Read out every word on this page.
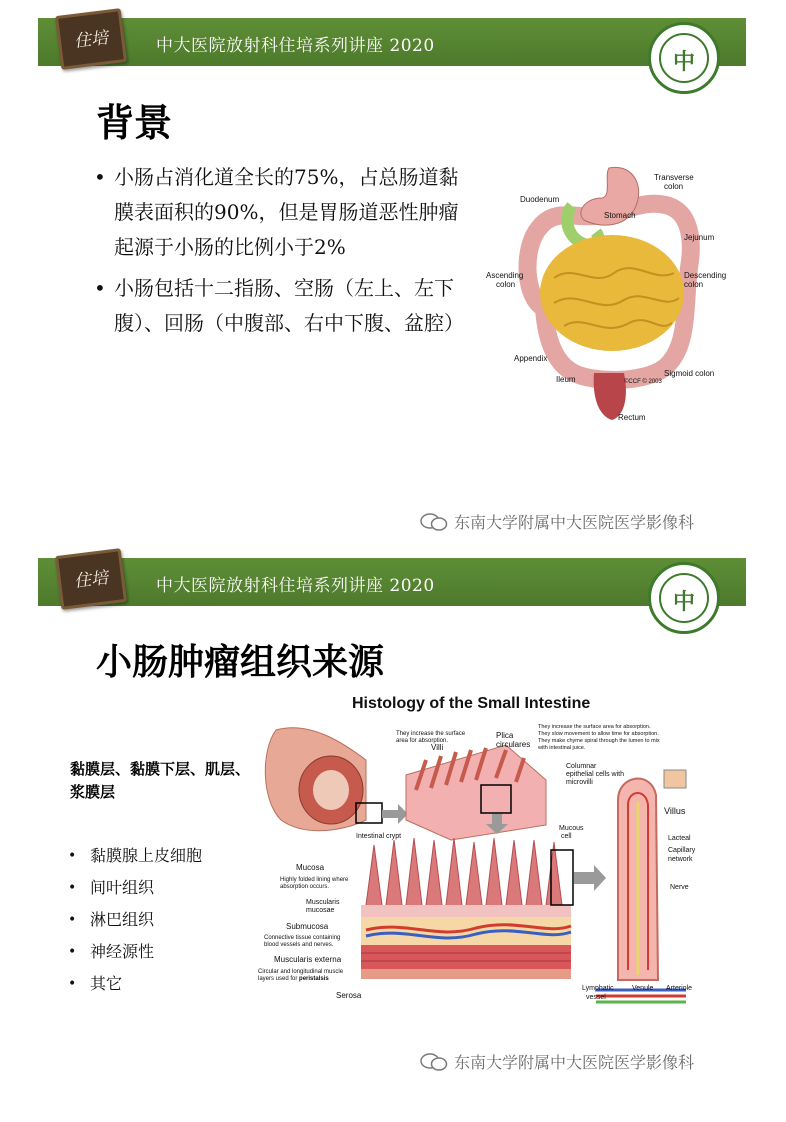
中大医院放射科住培系列讲座 2020
住培
中
背景
• 小肠占消化道全长的75%，占总肠道黏膜表面积的90%，但是胃肠道恶性肿瘤起源于小肠的比例小于2%
• 小肠包括十二指肠、空肠（左上、左下腹）、回肠（中腹部、右中下腹、盆腔）
Transverse
colon
Duodenum
Stomach
Jejunum
Ascending
colon
Descending
colon
Appendix
Ileum
Sigmoid colon
Rectum
©CCF © 2003
东南大学附属中大医院医学影像科
中大医院放射科住培系列讲座 2020
住培
中
小肠肿瘤组织来源
黏膜层、黏膜下层、肌层、浆膜层
• 黏膜腺上皮细胞
• 间叶组织
• 淋巴组织
• 神经源性
• 其它
Histology of the Small Intestine
They increase the surface
area for absorption.
Villi
Plica
circulares
They increase the surface area for absorption.
They slow movement to allow time for absorption.
They make chyme spiral through the lumen to mix
with intestinal juice.
Columnar
epithelial cells with
microvilli
Villus
Mucous
cell
Intestinal crypt	Lacteal
Capillary
network
Nerve
Mucosa
Highly folded lining where
absorption occurs.
Muscularis
mucosae
Submucosa
Connective tissue containing
blood vessels and nerves.
Muscularis externa
Circular and longitudinal muscle
layers used for peristalsis
Serosa
Lymphatic
vessel
Venule Arteriole
东南大学附属中大医院医学影像科
